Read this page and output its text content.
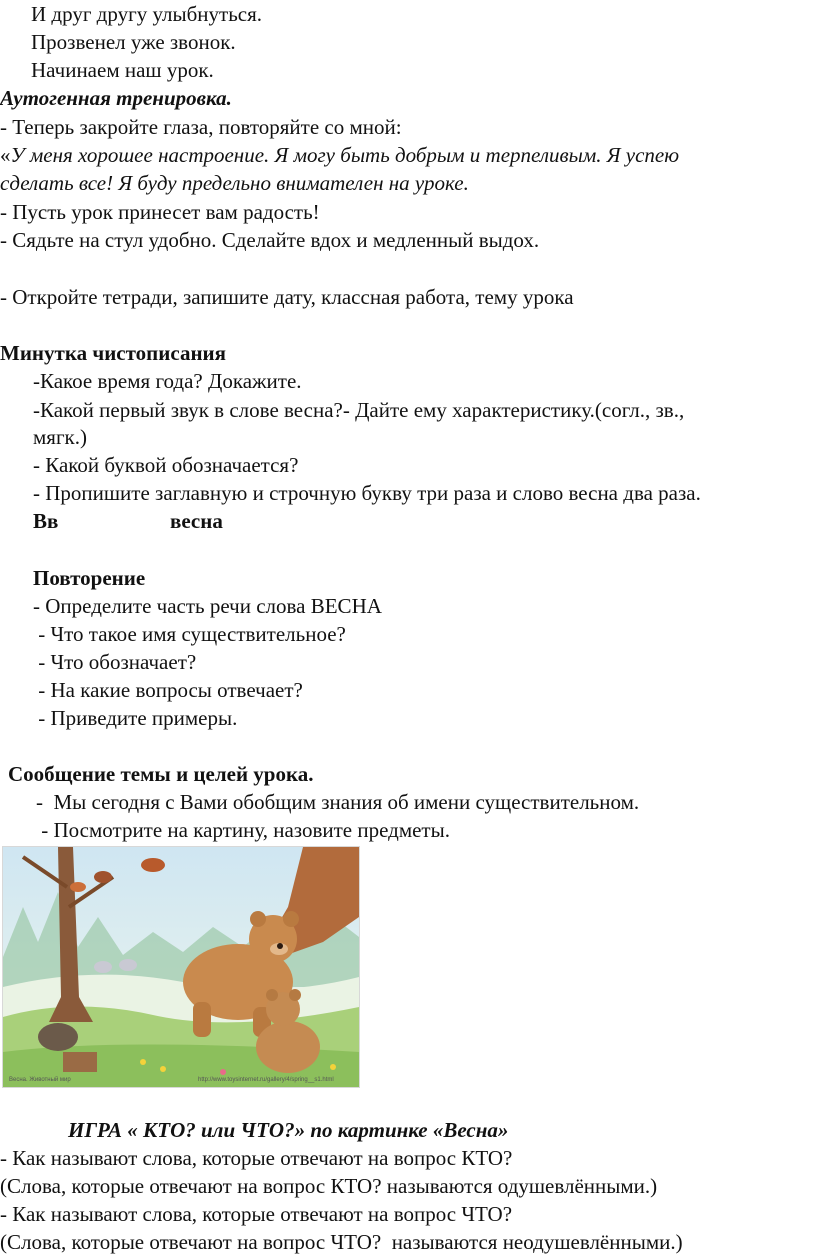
И друг другу улыбнуться.
Прозвенел уже звонок.
Начинаем наш урок.
Аутогенная тренировка.
- Теперь закройте глаза, повторяйте со мной:
«У меня хорошее настроение. Я могу быть добрым и терпеливым. Я успею
сделать все! Я буду предельно внимателен на уроке.
- Пусть урок принесет вам радость!
- Сядьте на стул удобно. Сделайте вдох и медленный выдох.
- Откройте тетради, запишите дату, классная работа, тему урока
Минутка чистописания
-Какое время года? Докажите.
-Какой первый звук в слове весна?- Дайте ему характеристику.(согл., зв.,
мягк.)
- Какой буквой обозначается?
- Пропишите заглавную и строчную букву три раза и слово весна два раза.
Вв	весна
Повторение
- Определите часть речи слова ВЕСНА
- Что такое имя существительное?
- Что обозначает?
- На какие вопросы отвечает?
- Приведите примеры.
Сообщение темы и целей урока.
-  Мы сегодня с Вами обобщим знания об имени существительном.
- Посмотрите на картину, назовите предметы.
Весна. Животный мир	http://www.toysinternet.ru/gallery/4/spring__s1.html
ИГРА « КТО? или ЧТО?» по картинке «Весна»
- Как называют слова, которые отвечают на вопрос КТО?
(Слова, которые отвечают на вопрос КТО? называются одушевлёнными.)
- Как называют слова, которые отвечают на вопрос ЧТО?
(Слова, которые отвечают на вопрос ЧТО?  называются неодушевлёнными.)
